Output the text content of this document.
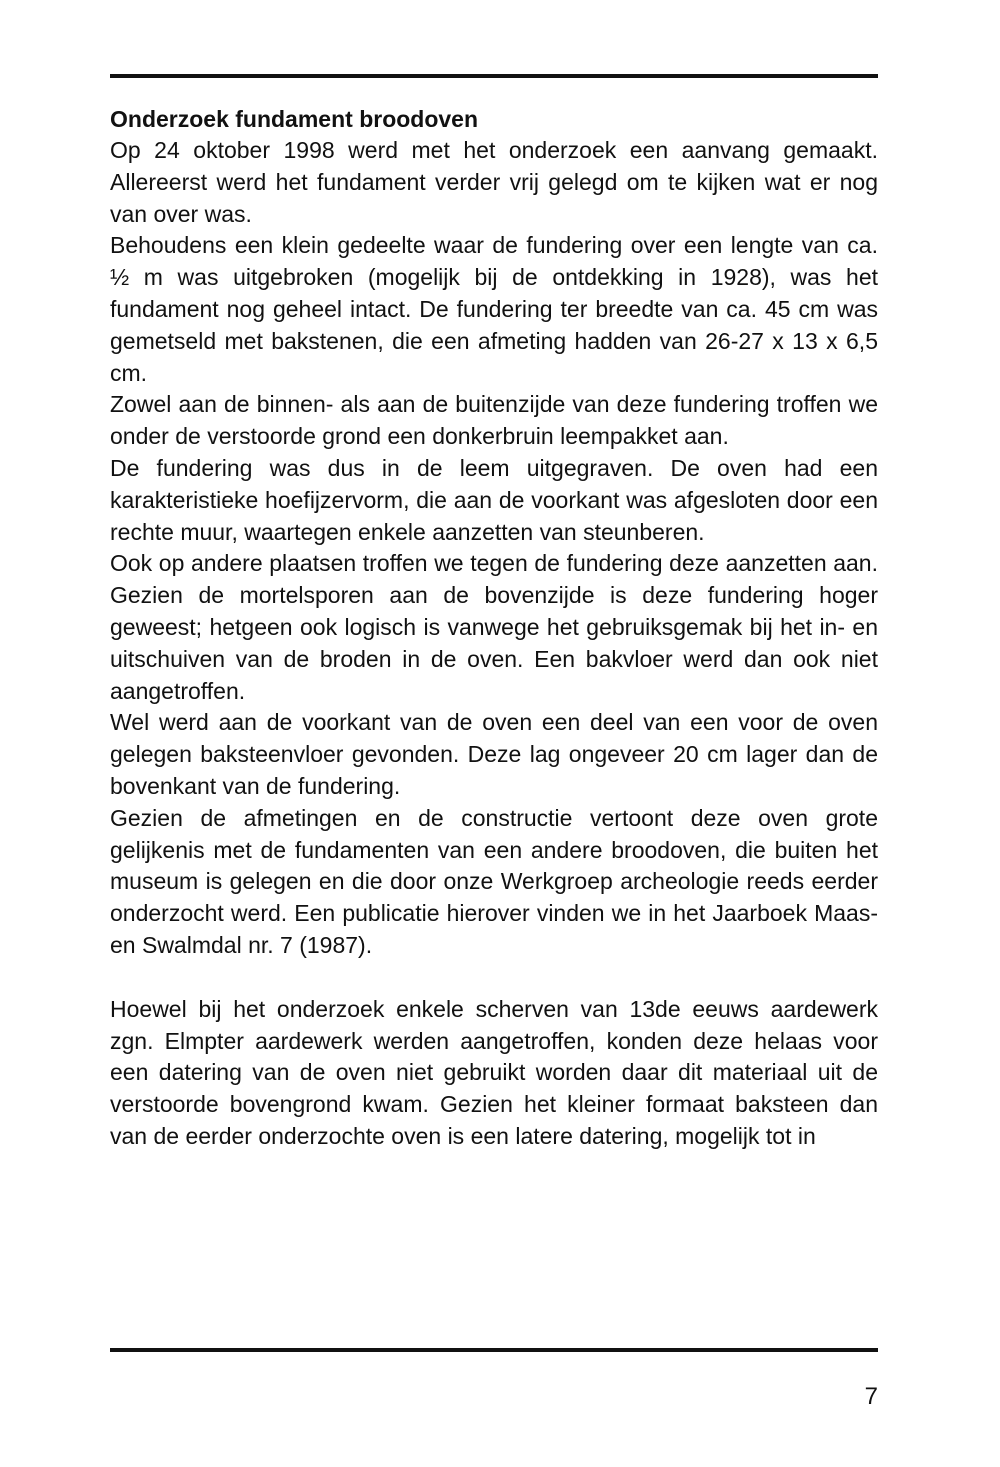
Onderzoek fundament broodoven

Op 24 oktober 1998 werd met het onderzoek een aanvang gemaakt. Allereerst werd het fundament verder vrij gelegd om te kijken wat er nog van over was.

Behoudens een klein gedeelte waar de fundering over een lengte van ca. ½ m was uitgebroken (mogelijk bij de ontdekking in 1928), was het fundament nog geheel intact. De fundering ter breedte van ca. 45 cm was gemetseld met bakstenen, die een afmeting hadden van 26-27 x 13 x 6,5 cm.

Zowel aan de binnen- als aan de buitenzijde van deze fundering troffen we onder de verstoorde grond een donkerbruin leempakket aan.

De fundering was dus in de leem uitgegraven. De oven had een karakteristieke hoefijzervorm, die aan de voorkant was afgesloten door een rechte muur, waartegen enkele aanzetten van steunberen.

Ook op andere plaatsen troffen we tegen de fundering deze aanzetten aan. Gezien de mortelsporen aan de bovenzijde is deze fundering hoger geweest; hetgeen ook logisch is vanwege het gebruiksgemak bij het in- en uitschuiven van de broden in de oven. Een bakvloer werd dan ook niet aangetroffen.

Wel werd aan de voorkant van de oven een deel van een voor de oven gelegen baksteenvloer gevonden. Deze lag ongeveer 20 cm lager dan de bovenkant van de fundering.

Gezien de afmetingen en de constructie vertoont deze oven grote gelijkenis met de fundamenten van een andere broodoven, die buiten het museum is gelegen en die door onze Werkgroep archeologie reeds eerder onderzocht werd. Een publicatie hierover vinden we in het Jaarboek Maas- en Swalmdal nr. 7 (1987).

Hoewel bij het onderzoek enkele scherven van 13de eeuws aardewerk zgn. Elmpter aardewerk werden aangetroffen, konden deze helaas voor een datering van de oven niet gebruikt worden daar dit materiaal uit de verstoorde bovengrond kwam. Gezien het kleiner formaat baksteen dan van de eerder onderzochte oven is een latere datering, mogelijk tot in

7
